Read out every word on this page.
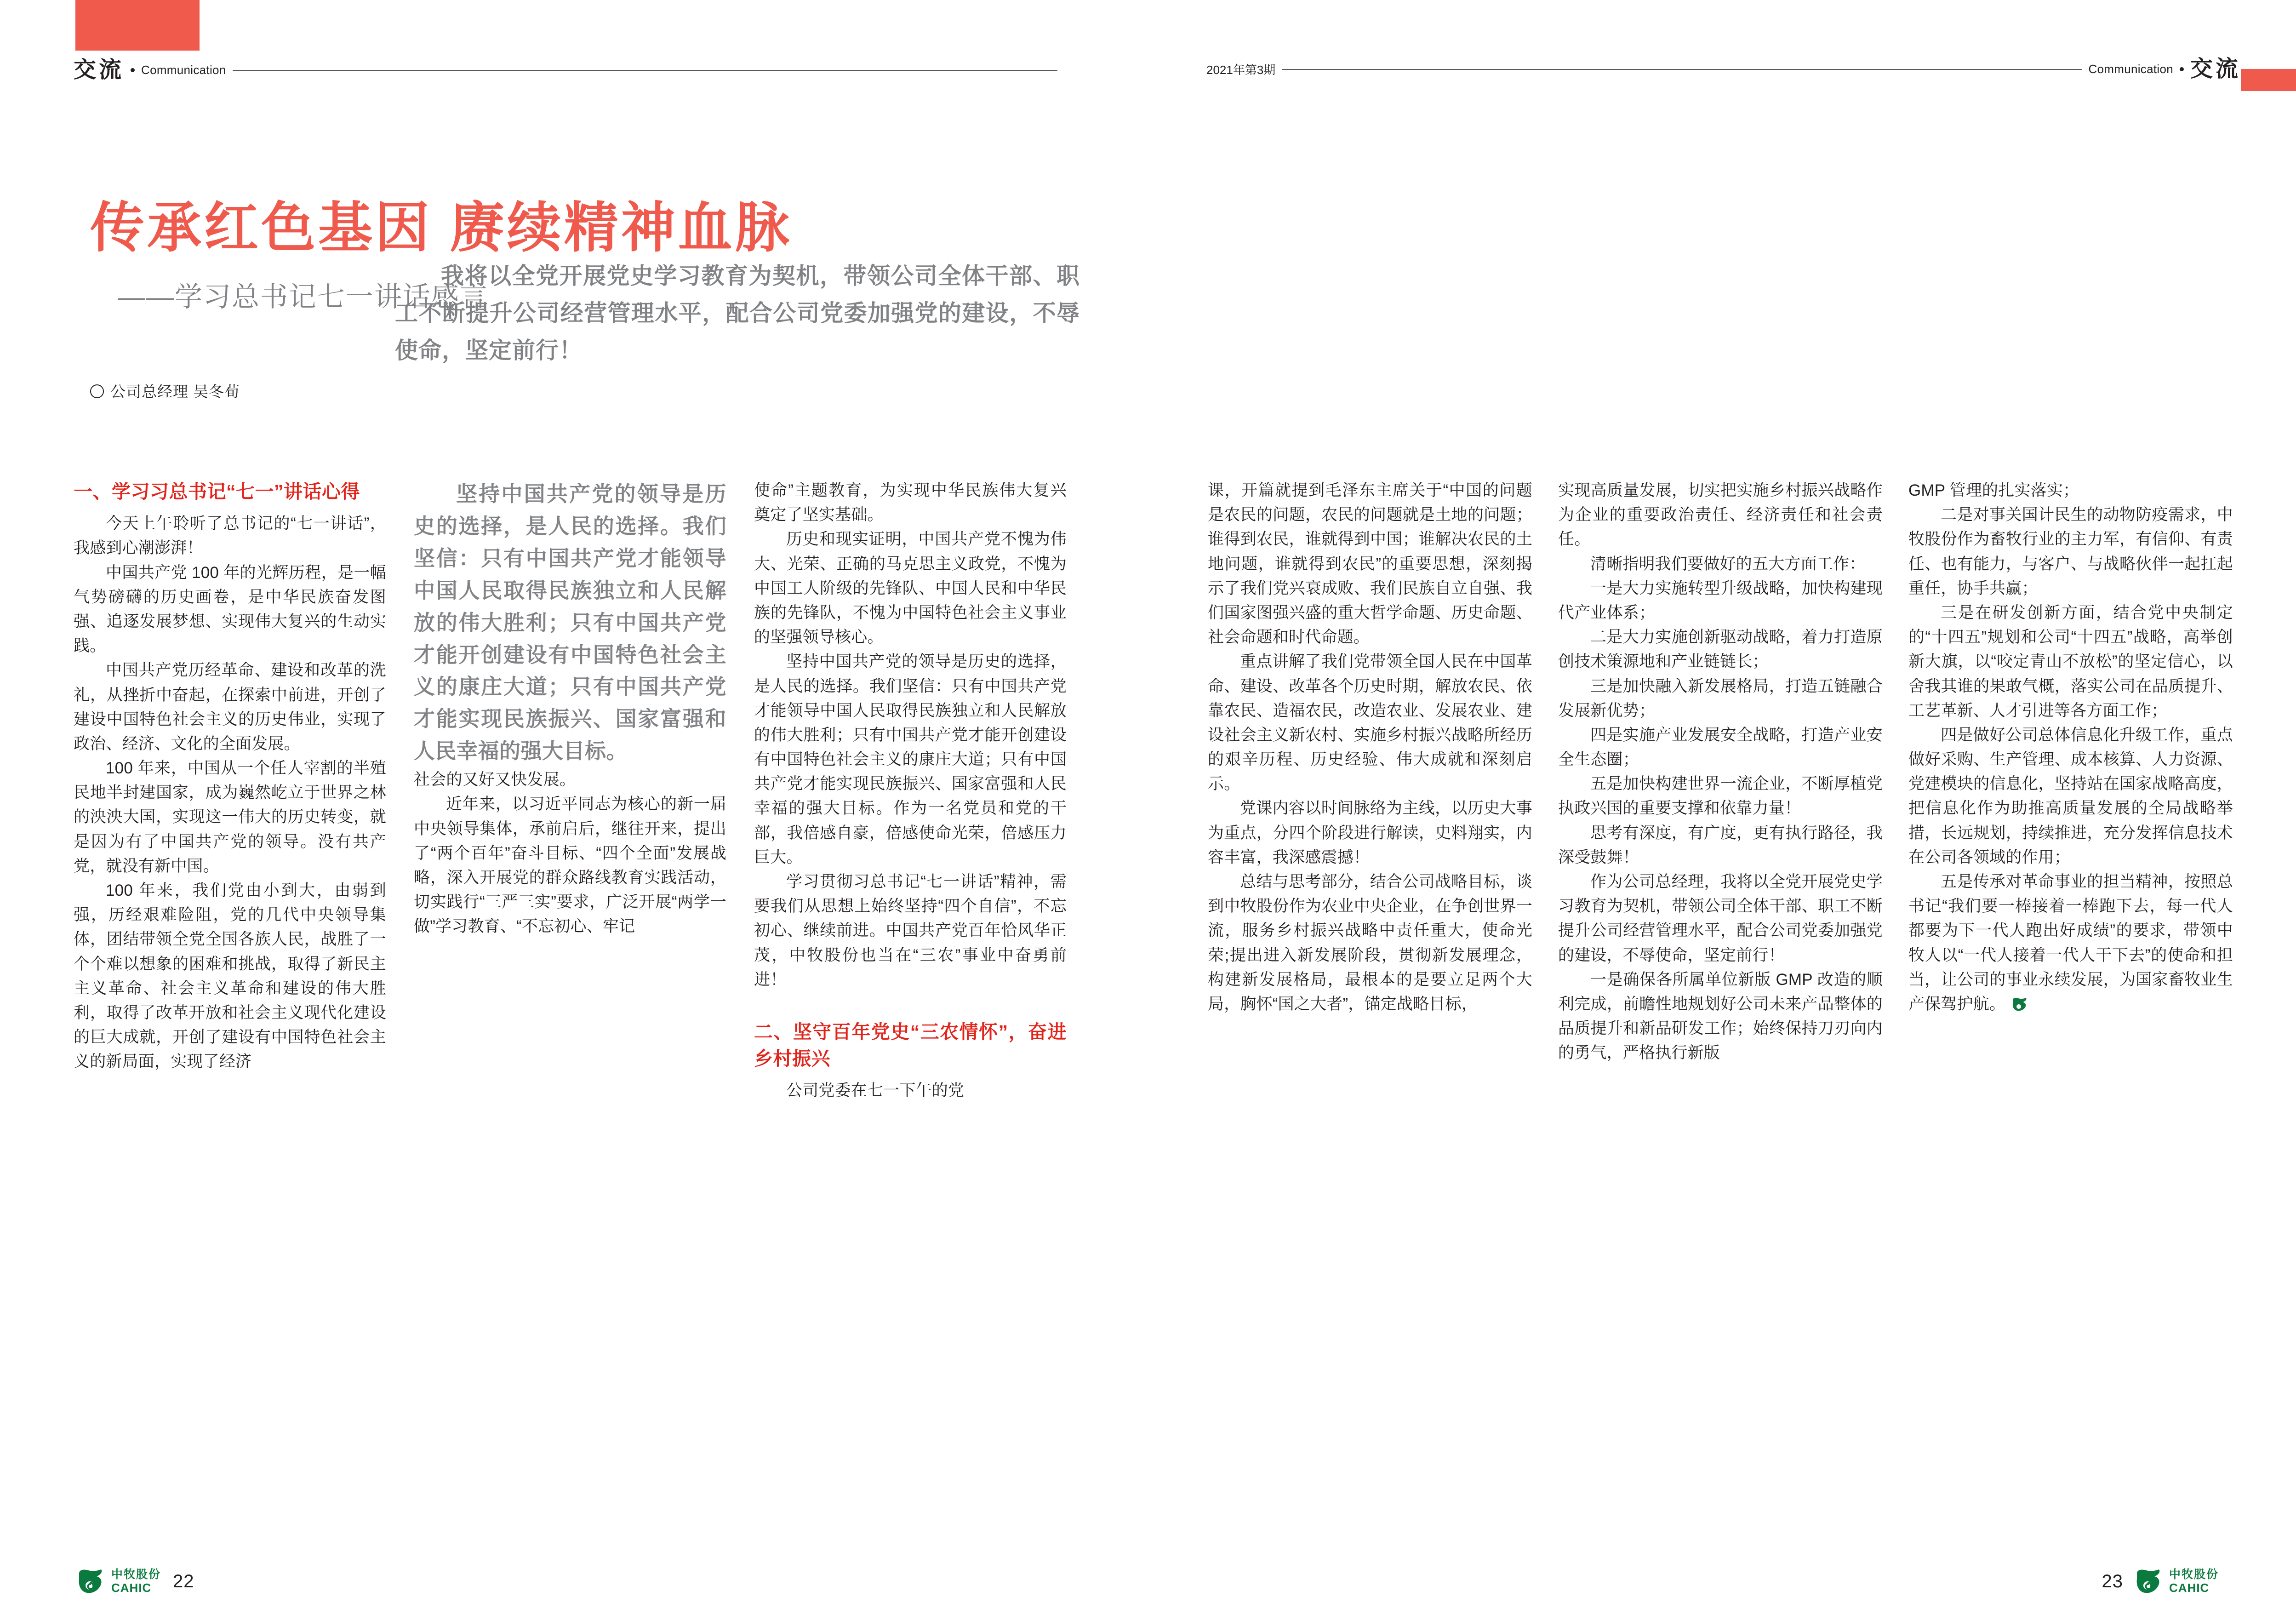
交流 Communication
传承红色基因 赓续精神血脉
——学习总书记七一讲话感言
公司总经理 吴冬荀
我将以全党开展党史学习教育为契机，带领公司全体干部、职工不断提升公司经营管理水平，配合公司党委加强党的建设，不辱使命，坚定前行！
一、学习习总书记“七一”讲话心得

今天上午聆听了总书记的“七一讲话”，我感到心潮澎湃！

中国共产党 100 年的光辉历程，是一幅气势磅礴的历史画卷，是中华民族奋发图强、追逐发展梦想、实现伟大复兴的生动实践。

中国共产党历经革命、建设和改革的洗礼，从挫折中奋起，在探索中前进，开创了建设中国特色社会主义的历史伟业，实现了政治、经济、文化的全面发展。

100 年来，中国从一个任人宰割的半殖民地半封建国家，成为巍然屹立于世界之林的泱泱大国，实现这一伟大的历史转变，就是因为有了中国共产党的领导。没有共产党，就没有新中国。

100 年来，我们党由小到大，由弱到强，历经艰难险阻，党的几代中央领导集体，团结带领全党全国各族人民，战胜了一个个难以想象的困难和挑战，取得了新民主主义革命、社会主义革命和建设的伟大胜利，取得了改革开放和社会主义现代化建设的巨大成就，开创了建设有中国特色社会主义的新局面，实现了经济

坚持中国共产党的领导是历史的选择，是人民的选择。我们坚信：只有中国共产党才能领导中国人民取得民族独立和人民解放的伟大胜利；只有中国共产党才能开创建设有中国特色社会主义的康庄大道；只有中国共产党才能实现民族振兴、国家富强和人民幸福的强大目标。

社会的又好又快发展。

近年来，以习近平同志为核心的新一届中央领导集体，承前启后，继往开来，提出了“两个百年”奋斗目标、“四个全面”发展战略，深入开展党的群众路线教育实践活动，切实践行“三严三实”要求，广泛开展“两学一做”学习教育、“不忘初心、牢记

使命”主题教育，为实现中华民族伟大复兴奠定了坚实基础。

历史和现实证明，中国共产党不愧为伟大、光荣、正确的马克思主义政党，不愧为中国工人阶级的先锋队、中国人民和中华民族的先锋队，不愧为中国特色社会主义事业的坚强领导核心。

坚持中国共产党的领导是历史的选择，是人民的选择。我们坚信：只有中国共产党才能领导中国人民取得民族独立和人民解放的伟大胜利；只有中国共产党才能开创建设有中国特色社会主义的康庄大道；只有中国共产党才能实现民族振兴、国家富强和人民幸福的强大目标。作为一名党员和党的干部，我倍感自豪，倍感使命光荣，倍感压力巨大。

学习贯彻习总书记“七一讲话”精神，需要我们从思想上始终坚持“四个自信”，不忘初心、继续前进。中国共产党百年恰风华正茂，中牧股份也当在“三农”事业中奋勇前进！

二、坚守百年党史“三农情怀”，奋进乡村振兴

公司党委在七一下午的党

中牧股份
CAHIC	22
交流
Communication
2021年第3期

课，开篇就提到毛泽东主席关于“中国的问题是农民的问题，农民的问题就是土地的问题；谁得到农民，谁就得到中国；谁解决农民的土地问题，谁就得到农民”的重要思想，深刻揭示了我们党兴衰成败、我们民族自立自强、我们国家图强兴盛的重大哲学命题、历史命题、社会命题和时代命题。

重点讲解了我们党带领全国人民在中国革命、建设、改革各个历史时期，解放农民、依靠农民、造福农民，改造农业、发展农业、建设社会主义新农村、实施乡村振兴战略所经历的艰辛历程、历史经验、伟大成就和深刻启示。

党课内容以时间脉络为主线，以历史大事为重点，分四个阶段进行解读，史料翔实，内容丰富，我深感震撼！

总结与思考部分，结合公司战略目标，谈到中牧股份作为农业中央企业，在争创世界一流，服务乡村振兴战略中责任重大，使命光荣;提出进入新发展阶段，贯彻新发展理念，构建新发展格局，最根本的是要立足两个大局，胸怀“国之大者”，锚定战略目标，

实现高质量发展，切实把实施乡村振兴战略作为企业的重要政治责任、经济责任和社会责任。

清晰指明我们要做好的五大方面工作：

一是大力实施转型升级战略，加快构建现代产业体系；

二是大力实施创新驱动战略，着力打造原创技术策源地和产业链链长；

三是加快融入新发展格局，打造五链融合发展新优势；

四是实施产业发展安全战略，打造产业安全生态圈；

五是加快构建世界一流企业，不断厚植党执政兴国的重要支撑和依靠力量！

思考有深度，有广度，更有执行路径，我深受鼓舞！

作为公司总经理，我将以全党开展党史学习教育为契机，带领公司全体干部、职工不断提升公司经营管理水平，配合公司党委加强党的建设，不辱使命，坚定前行！

一是确保各所属单位新版 GMP 改造的顺利完成，前瞻性地规划好公司未来产品整体的品质提升和新品研发工作；始终保持刀刃向内的勇气，严格执行新版

GMP 管理的扎实落实；

二是对事关国计民生的动物防疫需求，中牧股份作为畜牧行业的主力军，有信仰、有责任、也有能力，与客户、与战略伙伴一起扛起重任，协手共赢；

三是在研发创新方面，结合党中央制定的“十四五”规划和公司“十四五”战略，高举创新大旗，以“咬定青山不放松”的坚定信心，以舍我其谁的果敢气概，落实公司在品质提升、工艺革新、人才引进等各方面工作；

四是做好公司总体信息化升级工作，重点做好采购、生产管理、成本核算、人力资源、党建模块的信息化，坚持站在国家战略高度，把信息化作为助推高质量发展的全局战略举措，长远规划，持续推进，充分发挥信息技术在公司各领域的作用；

五是传承对革命事业的担当精神，按照总书记“我们要一棒接着一棒跑下去，每一代人都要为下一代人跑出好成绩”的要求，带领中牧人以“一代人接着一代人干下去”的使命和担当，让公司的事业永续发展，为国家畜牧业生产保驾护航。

23	中牧股份
CAHIC
